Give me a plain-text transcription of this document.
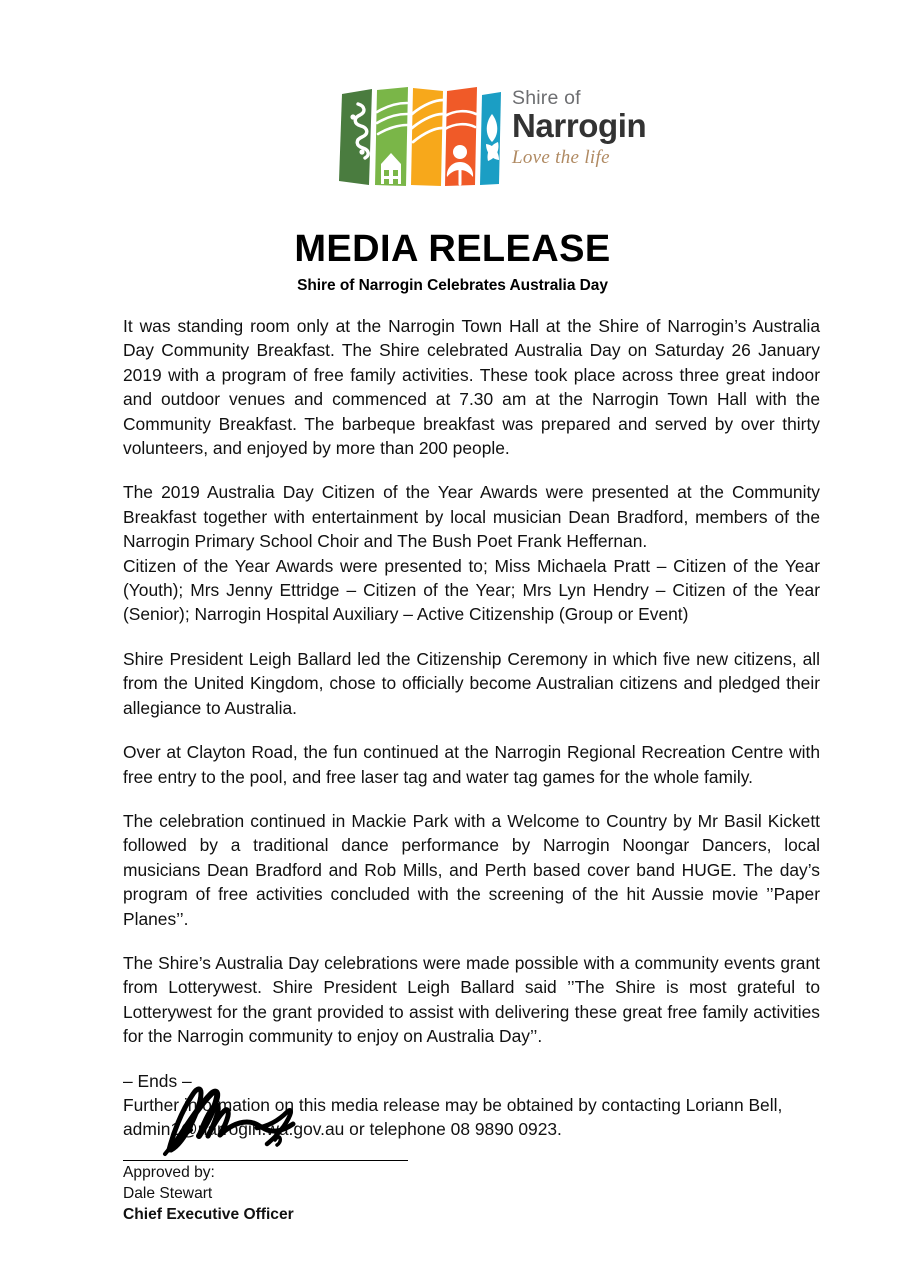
Shire of
Narrogin
Love the life
MEDIA RELEASE
Shire of Narrogin Celebrates Australia Day

It was standing room only at the Narrogin Town Hall at the Shire of Narrogin’s Australia Day Community Breakfast. The Shire celebrated Australia Day on Saturday 26 January 2019 with a program of free family activities. These took place across three great indoor and outdoor venues and commenced at 7.30 am at the Narrogin Town Hall with the Community Breakfast. The barbeque breakfast was prepared and served by over thirty volunteers, and enjoyed by more than 200 people.

The 2019 Australia Day Citizen of the Year Awards were presented at the Community Breakfast together with entertainment by local musician Dean Bradford, members of the Narrogin Primary School Choir and The Bush Poet Frank Heffernan.
Citizen of the Year Awards were presented to; Miss Michaela Pratt – Citizen of the Year (Youth); Mrs Jenny Ettridge – Citizen of the Year; Mrs Lyn Hendry – Citizen of the Year (Senior); Narrogin Hospital Auxiliary – Active Citizenship (Group or Event)

Shire President Leigh Ballard led the Citizenship Ceremony in which five new citizens, all from the United Kingdom, chose to officially become Australian citizens and pledged their allegiance to Australia.

Over at Clayton Road, the fun continued at the Narrogin Regional Recreation Centre with free entry to the pool, and free laser tag and water tag games for the whole family.

The celebration continued in Mackie Park with a Welcome to Country by Mr Basil Kickett followed by a traditional dance performance by Narrogin Noongar Dancers, local musicians Dean Bradford and Rob Mills, and Perth based cover band HUGE. The day’s program of free activities concluded with the screening of the hit Aussie movie ’’Paper Planes’’.

The Shire’s Australia Day celebrations were made possible with a community events grant from Lotterywest. Shire President Leigh Ballard said ’’The Shire is most grateful to Lotterywest for the grant provided to assist with delivering these great free family activities for the Narrogin community to enjoy on Australia Day’’.

– Ends –

Further information on this media release may be obtained by contacting Loriann Bell, admin1@narrogin.wa.gov.au or telephone 08 9890 0923.

Approved by:
Dale Stewart
Chief Executive Officer
